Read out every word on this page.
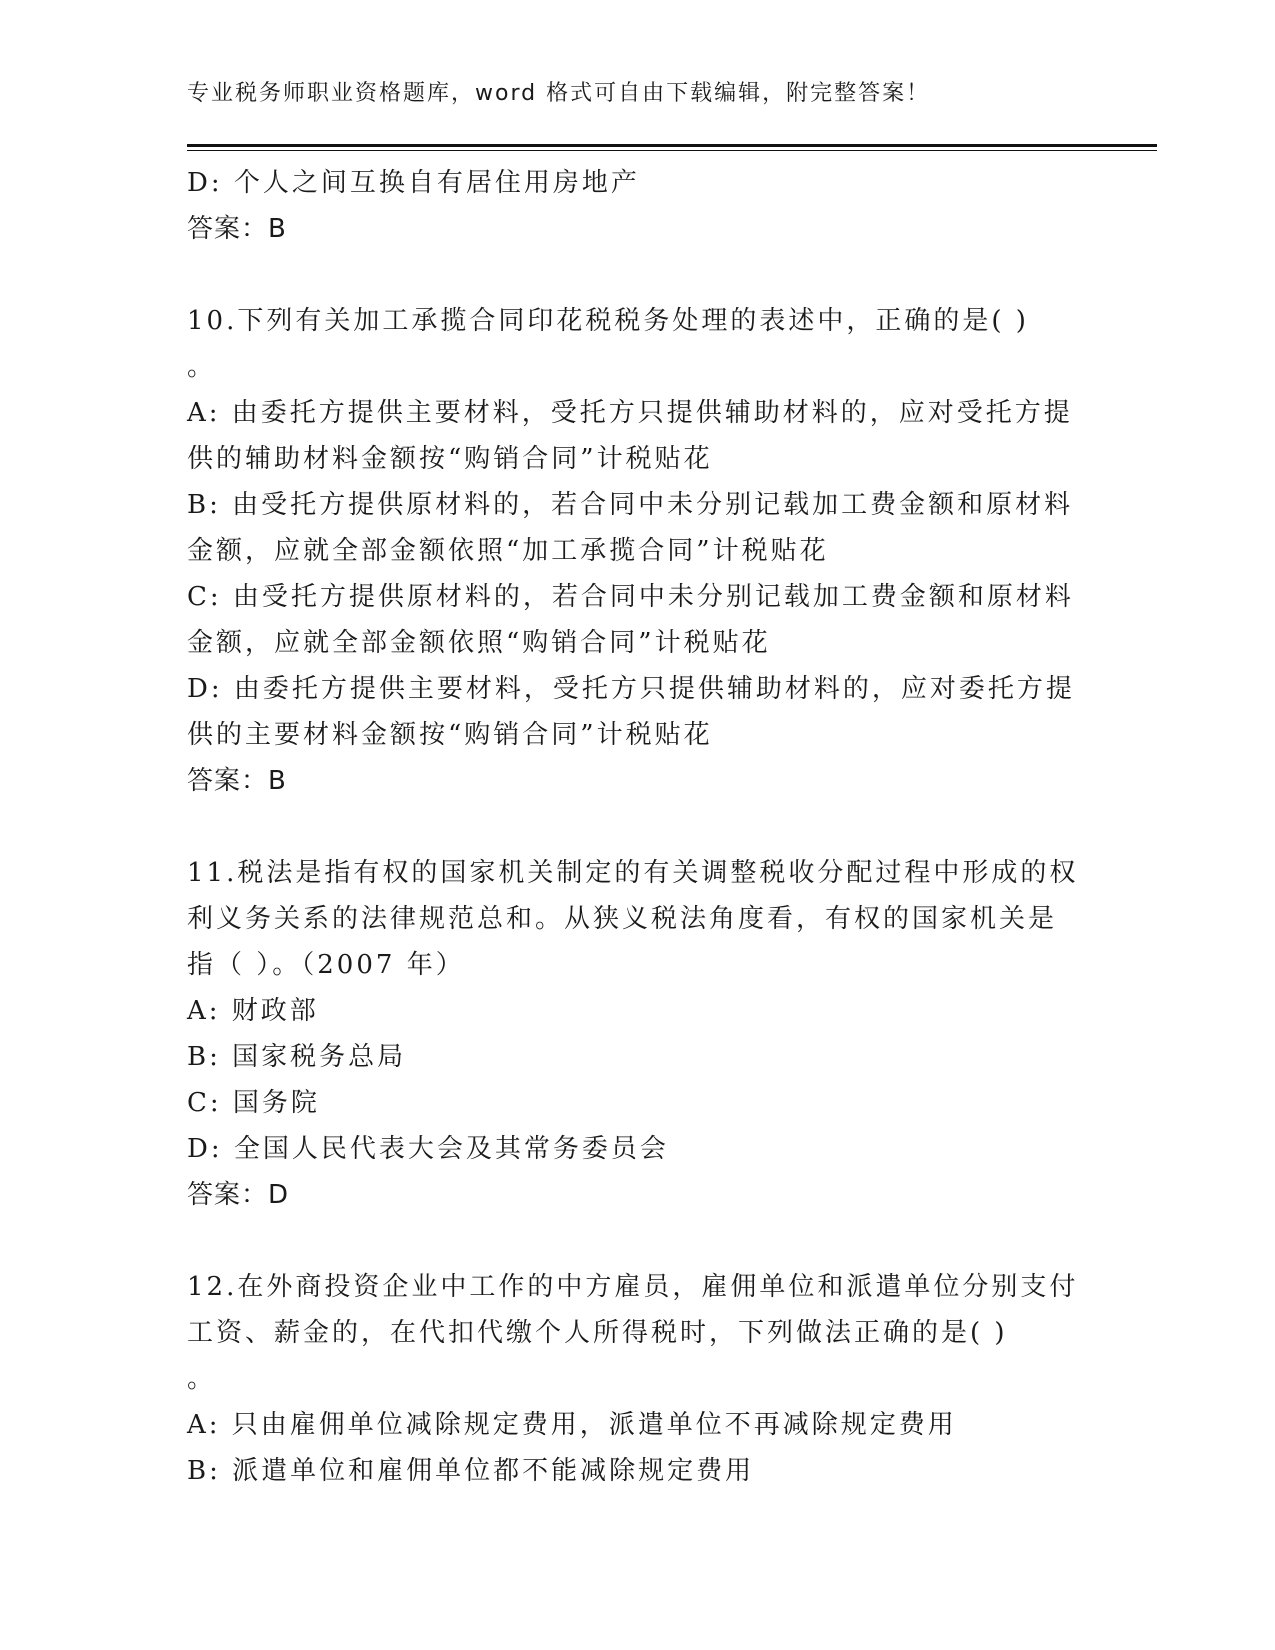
专业税务师职业资格题库，word 格式可自由下载编辑，附完整答案！
D: 个人之间互换自有居住用房地产
答案：B
10.下列有关加工承揽合同印花税税务处理的表述中，正确的是( )
。
A: 由委托方提供主要材料，受托方只提供辅助材料的，应对受托方提
供的辅助材料金额按“购销合同”计税贴花
B: 由受托方提供原材料的，若合同中未分别记载加工费金额和原材料
金额，应就全部金额依照“加工承揽合同”计税贴花
C: 由受托方提供原材料的，若合同中未分别记载加工费金额和原材料
金额，应就全部金额依照“购销合同”计税贴花
D: 由委托方提供主要材料，受托方只提供辅助材料的，应对委托方提
供的主要材料金额按“购销合同”计税贴花
答案：B
11.税法是指有权的国家机关制定的有关调整税收分配过程中形成的权
利义务关系的法律规范总和。从狭义税法角度看，有权的国家机关是
指（ ）。（2007 年）
A: 财政部
B: 国家税务总局
C: 国务院
D: 全国人民代表大会及其常务委员会
答案：D
12.在外商投资企业中工作的中方雇员，雇佣单位和派遣单位分别支付
工资、薪金的，在代扣代缴个人所得税时，下列做法正确的是( )
。
A: 只由雇佣单位减除规定费用，派遣单位不再减除规定费用
B: 派遣单位和雇佣单位都不能减除规定费用
